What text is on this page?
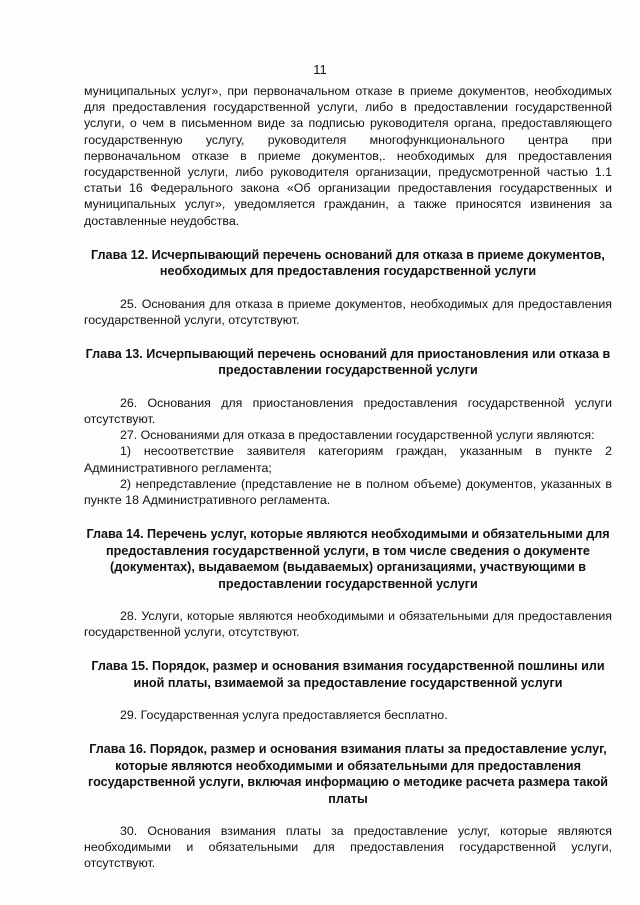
11

муниципальных услуг», при первоначальном отказе в приеме документов, необходимых для предоставления государственной услуги, либо в предоставлении государственной услуги, о чем в письменном виде за подписью руководителя органа, предоставляющего государственную услугу, руководителя многофункционального центра при первоначальном отказе в приеме документов,. необходимых для предоставления государственной услуги, либо руководителя организации, предусмотренной частью 1.1 статьи 16 Федерального закона «Об организации предоставления государственных и муниципальных услуг», уведомляется гражданин, а также приносятся извинения за доставленные неудобства.

Глава 12. Исчерпывающий перечень оснований для отказа в приеме документов, необходимых для предоставления государственной услуги

25. Основания для отказа в приеме документов, необходимых для предоставления государственной услуги, отсутствуют.

Глава 13. Исчерпывающий перечень оснований для приостановления или отказа в предоставлении государственной услуги

26. Основания для приостановления предоставления государственной услуги отсутствуют.

27. Основаниями для отказа в предоставлении государственной услуги являются:

1) несоответствие заявителя категориям граждан, указанным в пункте 2 Административного регламента;

2) непредставление (представление не в полном объеме) документов, указанных в пункте 18 Административного регламента.

Глава 14. Перечень услуг, которые являются необходимыми и обязательными для предоставления государственной услуги, в том числе сведения о документе (документах), выдаваемом (выдаваемых) организациями, участвующими в предоставлении государственной услуги

28. Услуги, которые являются необходимыми и обязательными для предоставления государственной услуги, отсутствуют.

Глава 15. Порядок, размер и основания взимания государственной пошлины или иной платы, взимаемой за предоставление государственной услуги

29. Государственная услуга предоставляется бесплатно.

Глава 16. Порядок, размер и основания взимания платы за предоставление услуг, которые являются необходимыми и обязательными для предоставления государственной услуги, включая информацию о методике расчета размера такой платы

30. Основания взимания платы за предоставление услуг, которые являются необходимыми и обязательными для предоставления государственной услуги, отсутствуют.
